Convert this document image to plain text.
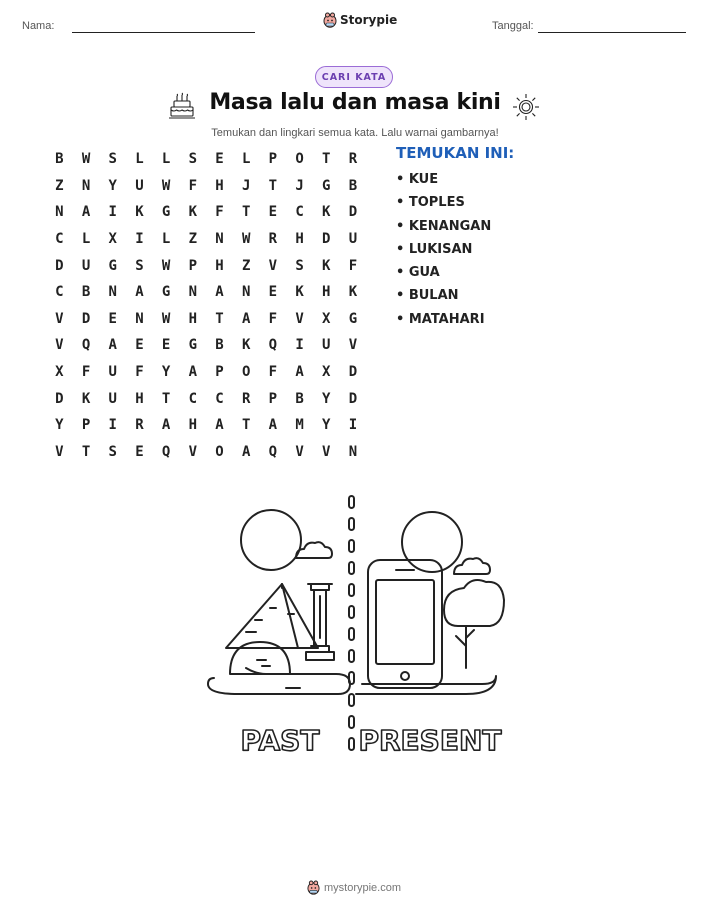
Nama:	Storypie	Tanggal:
CARI KATA
Masa lalu dan masa kini
Temukan dan lingkari semua kata. Lalu warnai gambarnya!
B	W	S	L	L	S	E	L	P	O	T	R
Z	N	Y	U	W	F	H	J	T	J	G	B
N	A	I	K	G	K	F	T	E	C	K	D
C	L	X	I	L	Z	N	W	R	H	D	U
D	U	G	S	W	P	H	Z	V	S	K	F
C	B	N	A	G	N	A	N	E	K	H	K
V	D	E	N	W	H	T	A	F	V	X	G
V	Q	A	E	E	G	B	K	Q	I	U	V
X	F	U	F	Y	A	P	O	F	A	X	D
D	K	U	H	T	C	C	R	P	B	Y	D
Y	P	I	R	A	H	A	T	A	M	Y	I
V	T	S	E	Q	V	O	A	Q	V	V	N
TEMUKAN INI:
• KUE
• TOPLES
• KENANGAN
• LUKISAN
• GUA
• BULAN
• MATAHARI
PAST PRESENT
mystorypie.com
